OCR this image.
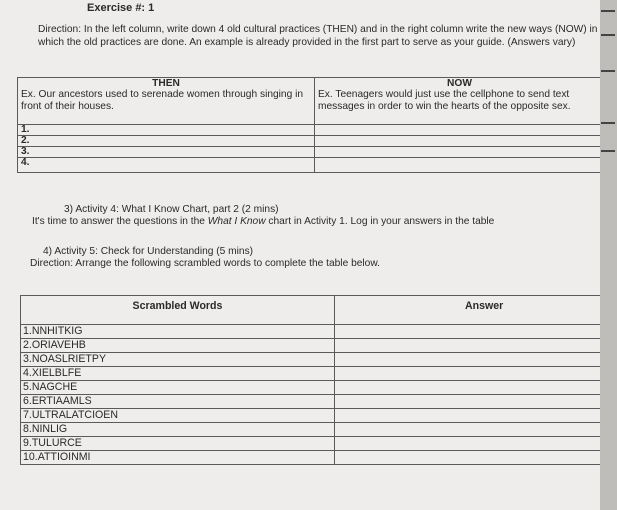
Exercise #: 1
Direction: In the left column, write down 4 old cultural practices (THEN) and in the right column write the new ways (NOW) in which the old practices are done. An example is already provided in the first part to serve as your guide. (Answers vary)
THEN	NOW
Ex. Our ancestors used to serenade women through singing in front of their houses.	Ex. Teenagers would just use the cellphone to send text messages in order to win the hearts of the opposite sex.
1.	
2.	
3.	
4.	
3) Activity 4: What I Know Chart, part 2 (2 mins)
It's time to answer the questions in the What I Know chart in Activity 1. Log in your answers in the table
4) Activity 5: Check for Understanding (5 mins)
Direction: Arrange the following scrambled words to complete the table below.
Scrambled Words	Answer
1.NNHITKIG	
2.ORIAVEHB	
3.NOASLRIETPY	
4.XIELBLFE	
5.NAGCHE	
6.ERTIAAMLS	
7.ULTRALATCIOEN	
8.NINLIG	
9.TULURCE	
10.ATTIOINMI	
